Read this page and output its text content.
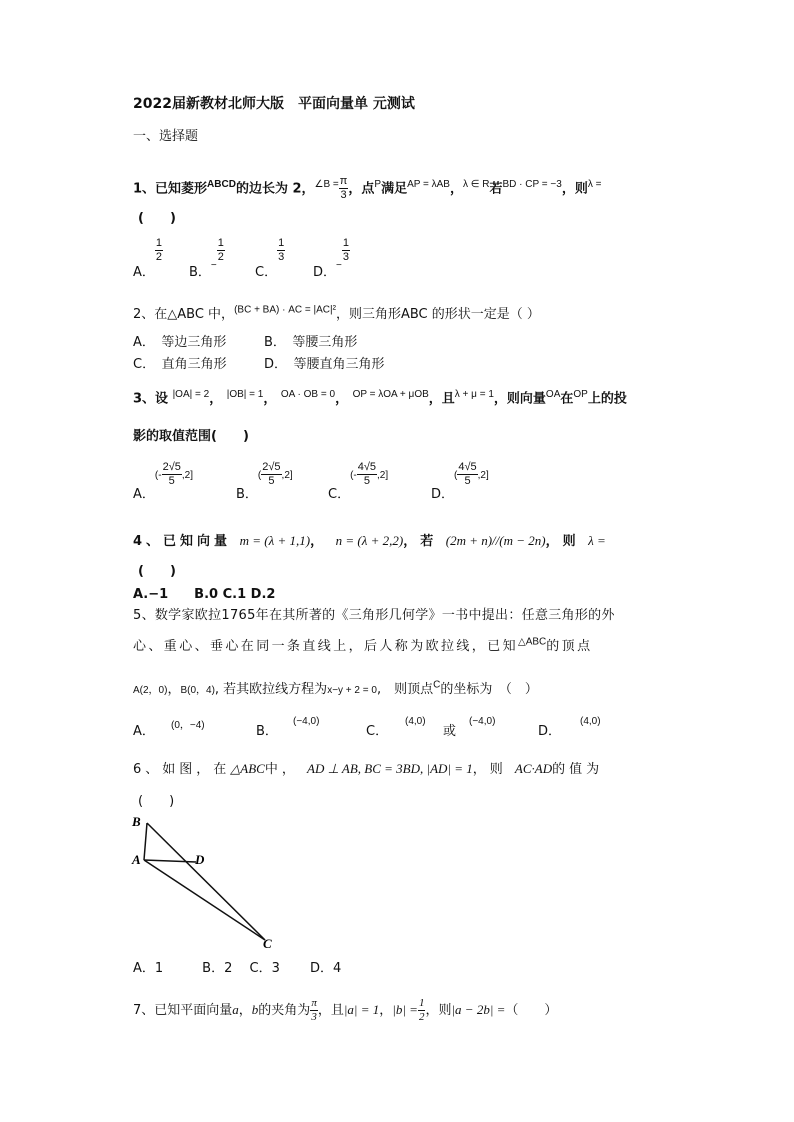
2022届新教材北师大版　平面向量单 元测试
一、选择题
1、已知菱形$^{ABCD}$的边长为 2，$^{\angle B =} \frac{\pi}{3}$ ，点$^P$满足$^{AP = \lambda AB}$，$^{\lambda \in R}$若$^{BD \cdot CP = -3}$，则$^{\lambda =}$
(　　)
A．
$\frac{1}{2}$
B．$_-$
$\frac{1}{2}$
C．
$\frac{1}{3}$
D．$_-$
$\frac{1}{3}$
2、在△ABC 中，$^{(BC + BA) \cdot AC = |AC|^2}$，则三角形ABC 的形状一定是（ ）
A．　等边三角形	B．　等腰三角形
C．　直角三角形	D．　等腰直角三角形
3、设 $^{|OA| = 2}$， $^{|OB| = 1}$， $^{OA \cdot OB = 0}$， $^{OP = \lambda OA + \mu OB}$，且$^{\lambda + \mu = 1}$，则向量$^{OA}$在$^{OP}$上的投
影的取值范围(　　)
A．(- $\frac{2√5}{5} ,2$]
B．( $\frac{2√5}{5} ,2$]
C．(- $\frac{4√5}{5} ,2$]
D．( $\frac{4√5}{5} ,2$]
4、已知向量 m = (λ + 1,1)， n = (λ + 2,2)，若 (2m + n)//(m − 2n)，则 λ =
(　　)
A.−1　　B.0 C.1 D.2
5、数学家欧拉1765年在其所著的《三角形几何学》一书中提出：任意三角形的外
心、重心、垂心在同一条直线上，后人称为欧拉线，已知$^{\triangle ABC}$的顶点
A(2，0)，B(0，4), 若其欧拉线方程为x−y + 2 = 0,　则顶点$^C$的坐标为　（　）
A． (0，−4)	B．
(−4,0)
C．
(4,0)
或
(−4,0)
D．
(4,0)
6、如图，在△ABC中， AD ⊥ AB, BC = 3BD, |AD| = 1，则 AC·AD的值为
(　　)
B
A	D
C
A．1　　　B．2　 C．3　　 D．4
7、已知平面向量a，b的夹角为 $\frac{\pi}{3}$ ，且|a| = 1，$|b| = \frac{1}{2}$ ，则|a − 2b| =（　　）
